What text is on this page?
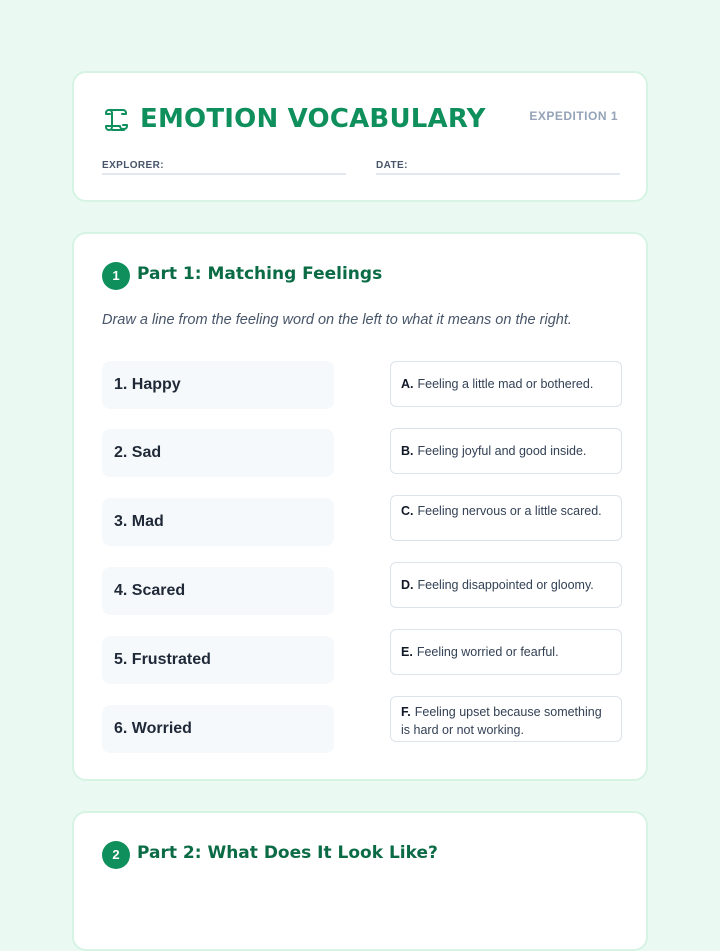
EMOTION VOCABULARY	EXPEDITION 1
EXPLORER:	DATE:
1	Part 1: Matching Feelings
Draw a line from the feeling word on the left to what it means on the right.
1. Happy
2. Sad
3. Mad
4. Scared
5. Frustrated
6. Worried
A. Feeling a little mad or bothered.
B. Feeling joyful and good inside.
C. Feeling nervous or a little scared.
D. Feeling disappointed or gloomy.
E. Feeling worried or fearful.
F. Feeling upset because something is hard or not working.
2	Part 2: What Does It Look Like?
